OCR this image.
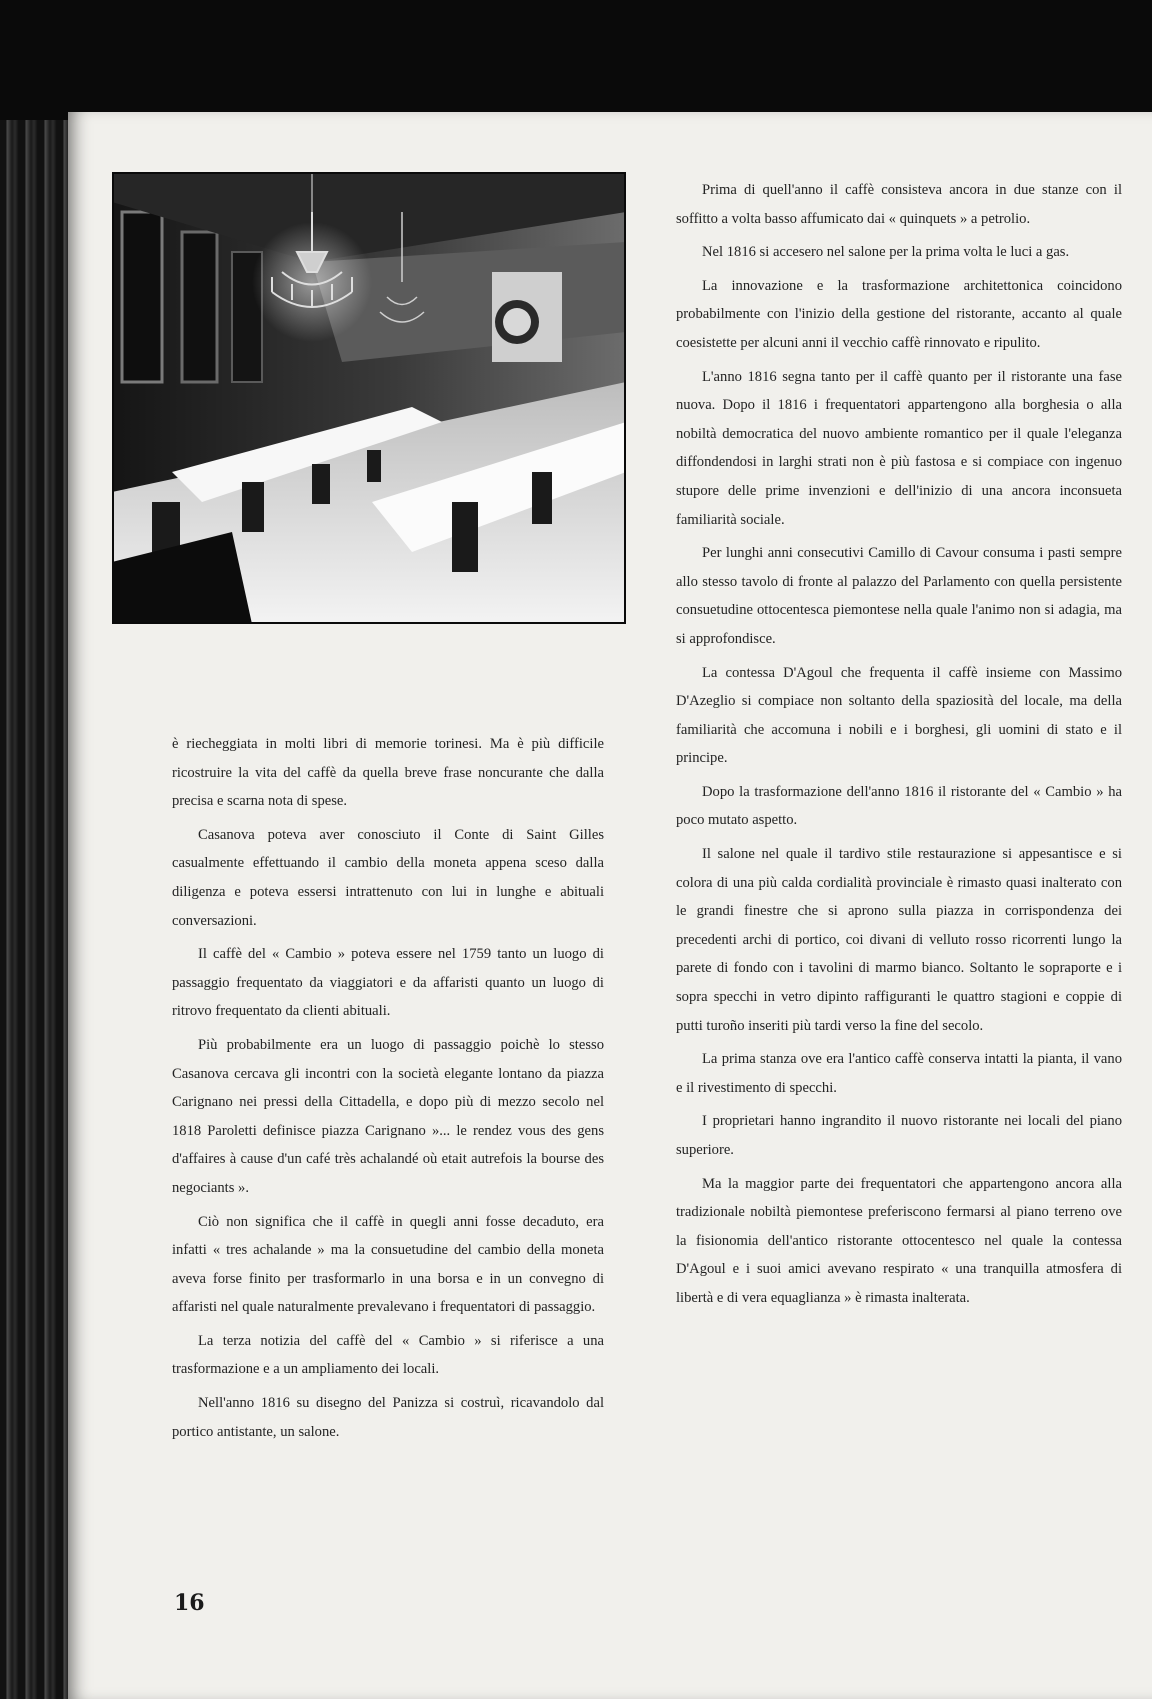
è riecheggiata in molti libri di memorie torinesi. Ma è più difficile ricostruire la vita del caffè da quella breve frase noncurante che dalla precisa e scarna nota di spese.

Casanova poteva aver conosciuto il Conte di Saint Gilles casualmente effettuando il cambio della moneta appena sceso dalla diligenza e poteva essersi intrattenuto con lui in lunghe e abituali conversazioni.

Il caffè del « Cambio » poteva essere nel 1759 tanto un luogo di passaggio frequentato da viaggiatori e da affaristi quanto un luogo di ritrovo frequentato da clienti abituali.

Più probabilmente era un luogo di passaggio poichè lo stesso Casanova cercava gli incontri con la società elegante lontano da piazza Carignano nei pressi della Cittadella, e dopo più di mezzo secolo nel 1818 Paroletti definisce piazza Carignano »... le rendez vous des gens d'affaires à cause d'un café très achalandé où etait autrefois la bourse des negociants ».

Ciò non significa che il caffè in quegli anni fosse decaduto, era infatti « tres achalande » ma la consuetudine del cambio della moneta aveva forse finito per trasformarlo in una borsa e in un convegno di affaristi nel quale naturalmente prevalevano i frequentatori di passaggio.

La terza notizia del caffè del « Cambio » si riferisce a una trasformazione e a un ampliamento dei locali.

Nell'anno 1816 su disegno del Panizza si costruì, ricavandolo dal portico antistante, un salone.

Prima di quell'anno il caffè consisteva ancora in due stanze con il soffitto a volta basso affumicato dai « quinquets » a petrolio.

Nel 1816 si accesero nel salone per la prima volta le luci a gas.

La innovazione e la trasformazione architettonica coincidono probabilmente con l'inizio della gestione del ristorante, accanto al quale coesistette per alcuni anni il vecchio caffè rinnovato e ripulito.

L'anno 1816 segna tanto per il caffè quanto per il ristorante una fase nuova. Dopo il 1816 i frequentatori appartengono alla borghesia o alla nobiltà democratica del nuovo ambiente romantico per il quale l'eleganza diffondendosi in larghi strati non è più fastosa e si compiace con ingenuo stupore delle prime invenzioni e dell'inizio di una ancora inconsueta familiarità sociale.

Per lunghi anni consecutivi Camillo di Cavour consuma i pasti sempre allo stesso tavolo di fronte al palazzo del Parlamento con quella persistente consuetudine ottocentesca piemontese nella quale l'animo non si adagia, ma si approfondisce.

La contessa D'Agoul che frequenta il caffè insieme con Massimo D'Azeglio si compiace non soltanto della spaziosità del locale, ma della familiarità che accomuna i nobili e i borghesi, gli uomini di stato e il principe.

Dopo la trasformazione dell'anno 1816 il ristorante del « Cambio » ha poco mutato aspetto.

Il salone nel quale il tardivo stile restaurazione si appesantisce e si colora di una più calda cordialità provinciale è rimasto quasi inalterato con le grandi finestre che si aprono sulla piazza in corrispondenza dei precedenti archi di portico, coi divani di velluto rosso ricorrenti lungo la parete di fondo con i tavolini di marmo bianco. Soltanto le sopraporte e i sopra specchi in vetro dipinto raffiguranti le quattro stagioni e coppie di putti turoño inseriti più tardi verso la fine del secolo.

La prima stanza ove era l'antico caffè conserva intatti la pianta, il vano e il rivestimento di specchi.

I proprietari hanno ingrandito il nuovo ristorante nei locali del piano superiore.

Ma la maggior parte dei frequentatori che appartengono ancora alla tradizionale nobiltà piemontese preferiscono fermarsi al piano terreno ove la fisionomia dell'antico ristorante ottocentesco nel quale la contessa D'Agoul e i suoi amici avevano respirato « una tranquilla atmosfera di libertà e di vera equaglianza » è rimasta inalterata.

16
